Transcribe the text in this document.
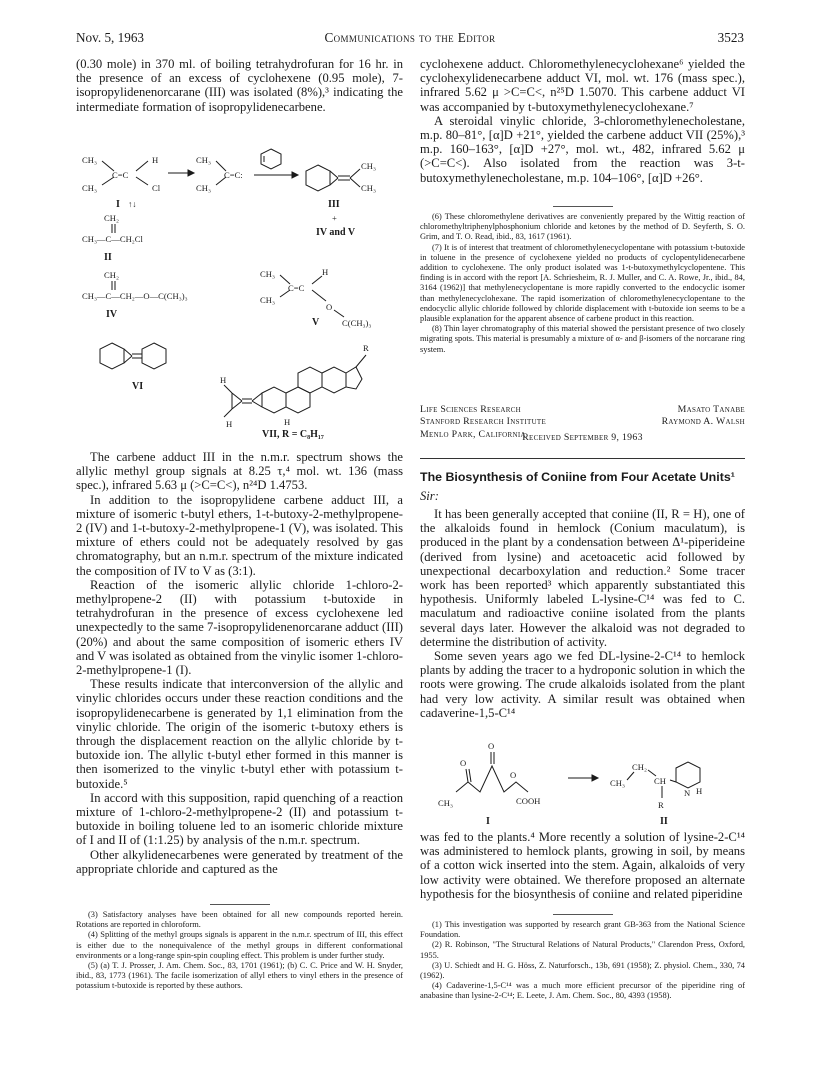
Nov. 5, 1963	Communications to the Editor	3523

(0.30 mole) in 370 ml. of boiling tetrahydrofuran for 16 hr. in the presence of an excess of cyclohexene (0.95 mole), 7-isopropylidenenorcarane (III) was isolated (8%),³ indicating the intermediate formation of isopropylidenecarbene.

CH₃
CH₃
C=C
H
Cl
I ↑↓
CH₂
CH₃—C—CH₂Cl
II
CH₃
CH₃
C=C:
CH₃
CH₃
III
+
IV and V
CH₂
CH₃—C—CH₂—O—C(CH₃)₃
IV
CH₃
CH₃
C=C
H
O
C(CH₃)₃
V
VI
R
H
H	H
VII, R = C₈H₁₇

The carbene adduct III in the n.m.r. spectrum shows the allylic methyl group signals at 8.25 τ,⁴ mol. wt. 136 (mass spec.), infrared 5.63 μ (>C=C<), n²⁴D 1.4753.

In addition to the isopropylidene carbene adduct III, a mixture of isomeric t-butyl ethers, 1-t-butoxy-2-methylpropene-2 (IV) and 1-t-butoxy-2-methylpropene-1 (V), was isolated. This mixture of ethers could not be adequately resolved by gas chromatography, but an n.m.r. spectrum of the mixture indicated the composition of IV to V as (3:1).

Reaction of the isomeric allylic chloride 1-chloro-2-methylpropene-2 (II) with potassium t-butoxide in tetrahydrofuran in the presence of excess cyclohexene led unexpectedly to the same 7-isopropylidenenorcarane adduct (III) (20%) and about the same composition of isomeric ethers IV and V was isolated as obtained from the vinylic isomer 1-chloro-2-methylpropene-1 (I).

These results indicate that interconversion of the allylic and vinylic chlorides occurs under these reaction conditions and the isopropylidenecarbene is generated by 1,1 elimination from the vinylic chloride. The origin of the isomeric t-butoxy ethers is through the displacement reaction on the allylic chloride by t-butoxide ion. The allylic t-butyl ether formed in this manner is then isomerized to the vinylic t-butyl ether with potassium t-butoxide.⁵

In accord with this supposition, rapid quenching of a reaction mixture of 1-chloro-2-methylpropene-2 (II) and potassium t-butoxide in boiling toluene led to an isomeric chloride mixture of I and II of (1:1.25) by analysis of the n.m.r. spectrum.

Other alkylidenecarbenes were generated by treatment of the appropriate chloride and captured as the

(3) Satisfactory analyses have been obtained for all new compounds reported herein. Rotations are reported in chloroform.

(4) Splitting of the methyl groups signals is apparent in the n.m.r. spectrum of III, this effect is either due to the nonequivalence of the methyl groups in different conformational environments or a long-range spin-spin coupling effect. This problem is under further study.

(5) (a) T. J. Prosser, J. Am. Chem. Soc., 83, 1701 (1961); (b) C. C. Price and W. H. Snyder, ibid., 83, 1773 (1961). The facile isomerization of allyl ethers to vinyl ethers in the presence of potassium t-butoxide is reported by these authors.

cyclohexene adduct. Chloromethylenecyclohexane⁶ yielded the cyclohexylidenecarbene adduct VI, mol. wt. 176 (mass spec.), infrared 5.62 μ >C=C<, n²⁵D 1.5070. This carbene adduct VI was accompanied by t-butoxymethylenecyclohexane.⁷

A steroidal vinylic chloride, 3-chloromethylenecholestane, m.p. 80–81°, [α]D +21°, yielded the carbene adduct VII (25%),³ m.p. 160–163°, [α]D +27°, mol. wt., 482, infrared 5.62 μ (>C=C<). Also isolated from the reaction was 3-t-butoxymethylenecholestane, m.p. 104–106°, [α]D +26°.

(6) These chloromethylene derivatives are conveniently prepared by the Wittig reaction of chloromethyltriphenylphosphonium chloride and ketones by the method of D. Seyferth, S. O. Grim, and T. O. Read, ibid., 83, 1617 (1961).

(7) It is of interest that treatment of chloromethylenecyclopentane with potassium t-butoxide in toluene in the presence of cyclohexene yielded no products of cyclopentylidenecarbene addition to cyclohexene. The only product isolated was 1-t-butoxymethylcyclopentene. This finding is in accord with the report [A. Schriesheim, R. J. Muller, and C. A. Rowe, Jr., ibid., 84, 3164 (1962)] that methylenecyclopentane is more rapidly converted to the endocyclic isomer than methylenecyclohexane. The rapid isomerization of chloromethylenecyclopentane to the endocyclic allylic chloride followed by chloride displacement with t-butoxide ion seems to be a plausible explanation for the apparent absence of carbene product in this reaction.

(8) Thin layer chromatography of this material showed the persistant presence of two closely migrating spots. This material is presumably a mixture of α- and β-isomers of the norcarane ring system.

Life Sciences Research	Masato Tanabe
Stanford Research Institute	Raymond A. Walsh
Menlo Park, California
Received September 9, 1963
The Biosynthesis of Coniine from Four Acetate Units¹
Sir:

It has been generally accepted that coniine (II, R = H), one of the alkaloids found in hemlock (Conium maculatum), is produced in the plant by a condensation between Δ¹-piperideine (derived from lysine) and acetoacetic acid followed by unexpectional decarboxylation and reduction.² Some tracer work has been reported³ which apparently substantiated this hypothesis. Uniformly labeled L-lysine-C¹⁴ was fed to C. maculatum and radioactive coniine isolated from the plants several days later. However the alkaloid was not degraded to determine the distribution of activity.

Some seven years ago we fed DL-lysine-2-C¹⁴ to hemlock plants by adding the tracer to a hydroponic solution in which the roots were growing. The crude alkaloids isolated from the plant had very low activity. A similar result was obtained when cadaverine-1,5-C¹⁴

O
O
O
COOH
CH₃
I
CH₃
CH₂
CH
R
N H
II

was fed to the plants.⁴ More recently a solution of lysine-2-C¹⁴ was administered to hemlock plants, growing in soil, by means of a cotton wick inserted into the stem. Again, alkaloids of very low activity were obtained. We therefore proposed an alternate hypothesis for the biosynthesis of coniine and related piperidine

(1) This investigation was supported by research grant GB-363 from the National Science Foundation.

(2) R. Robinson, "The Structural Relations of Natural Products," Clarendon Press, Oxford, 1955.

(3) U. Schiedt and H. G. Höss, Z. Naturforsch., 13b, 691 (1958); Z. physiol. Chem., 330, 74 (1962).

(4) Cadaverine-1,5-C¹⁴ was a much more efficient precursor of the piperidine ring of anabasine than lysine-2-C¹⁴; E. Leete, J. Am. Chem. Soc., 80, 4393 (1958).
